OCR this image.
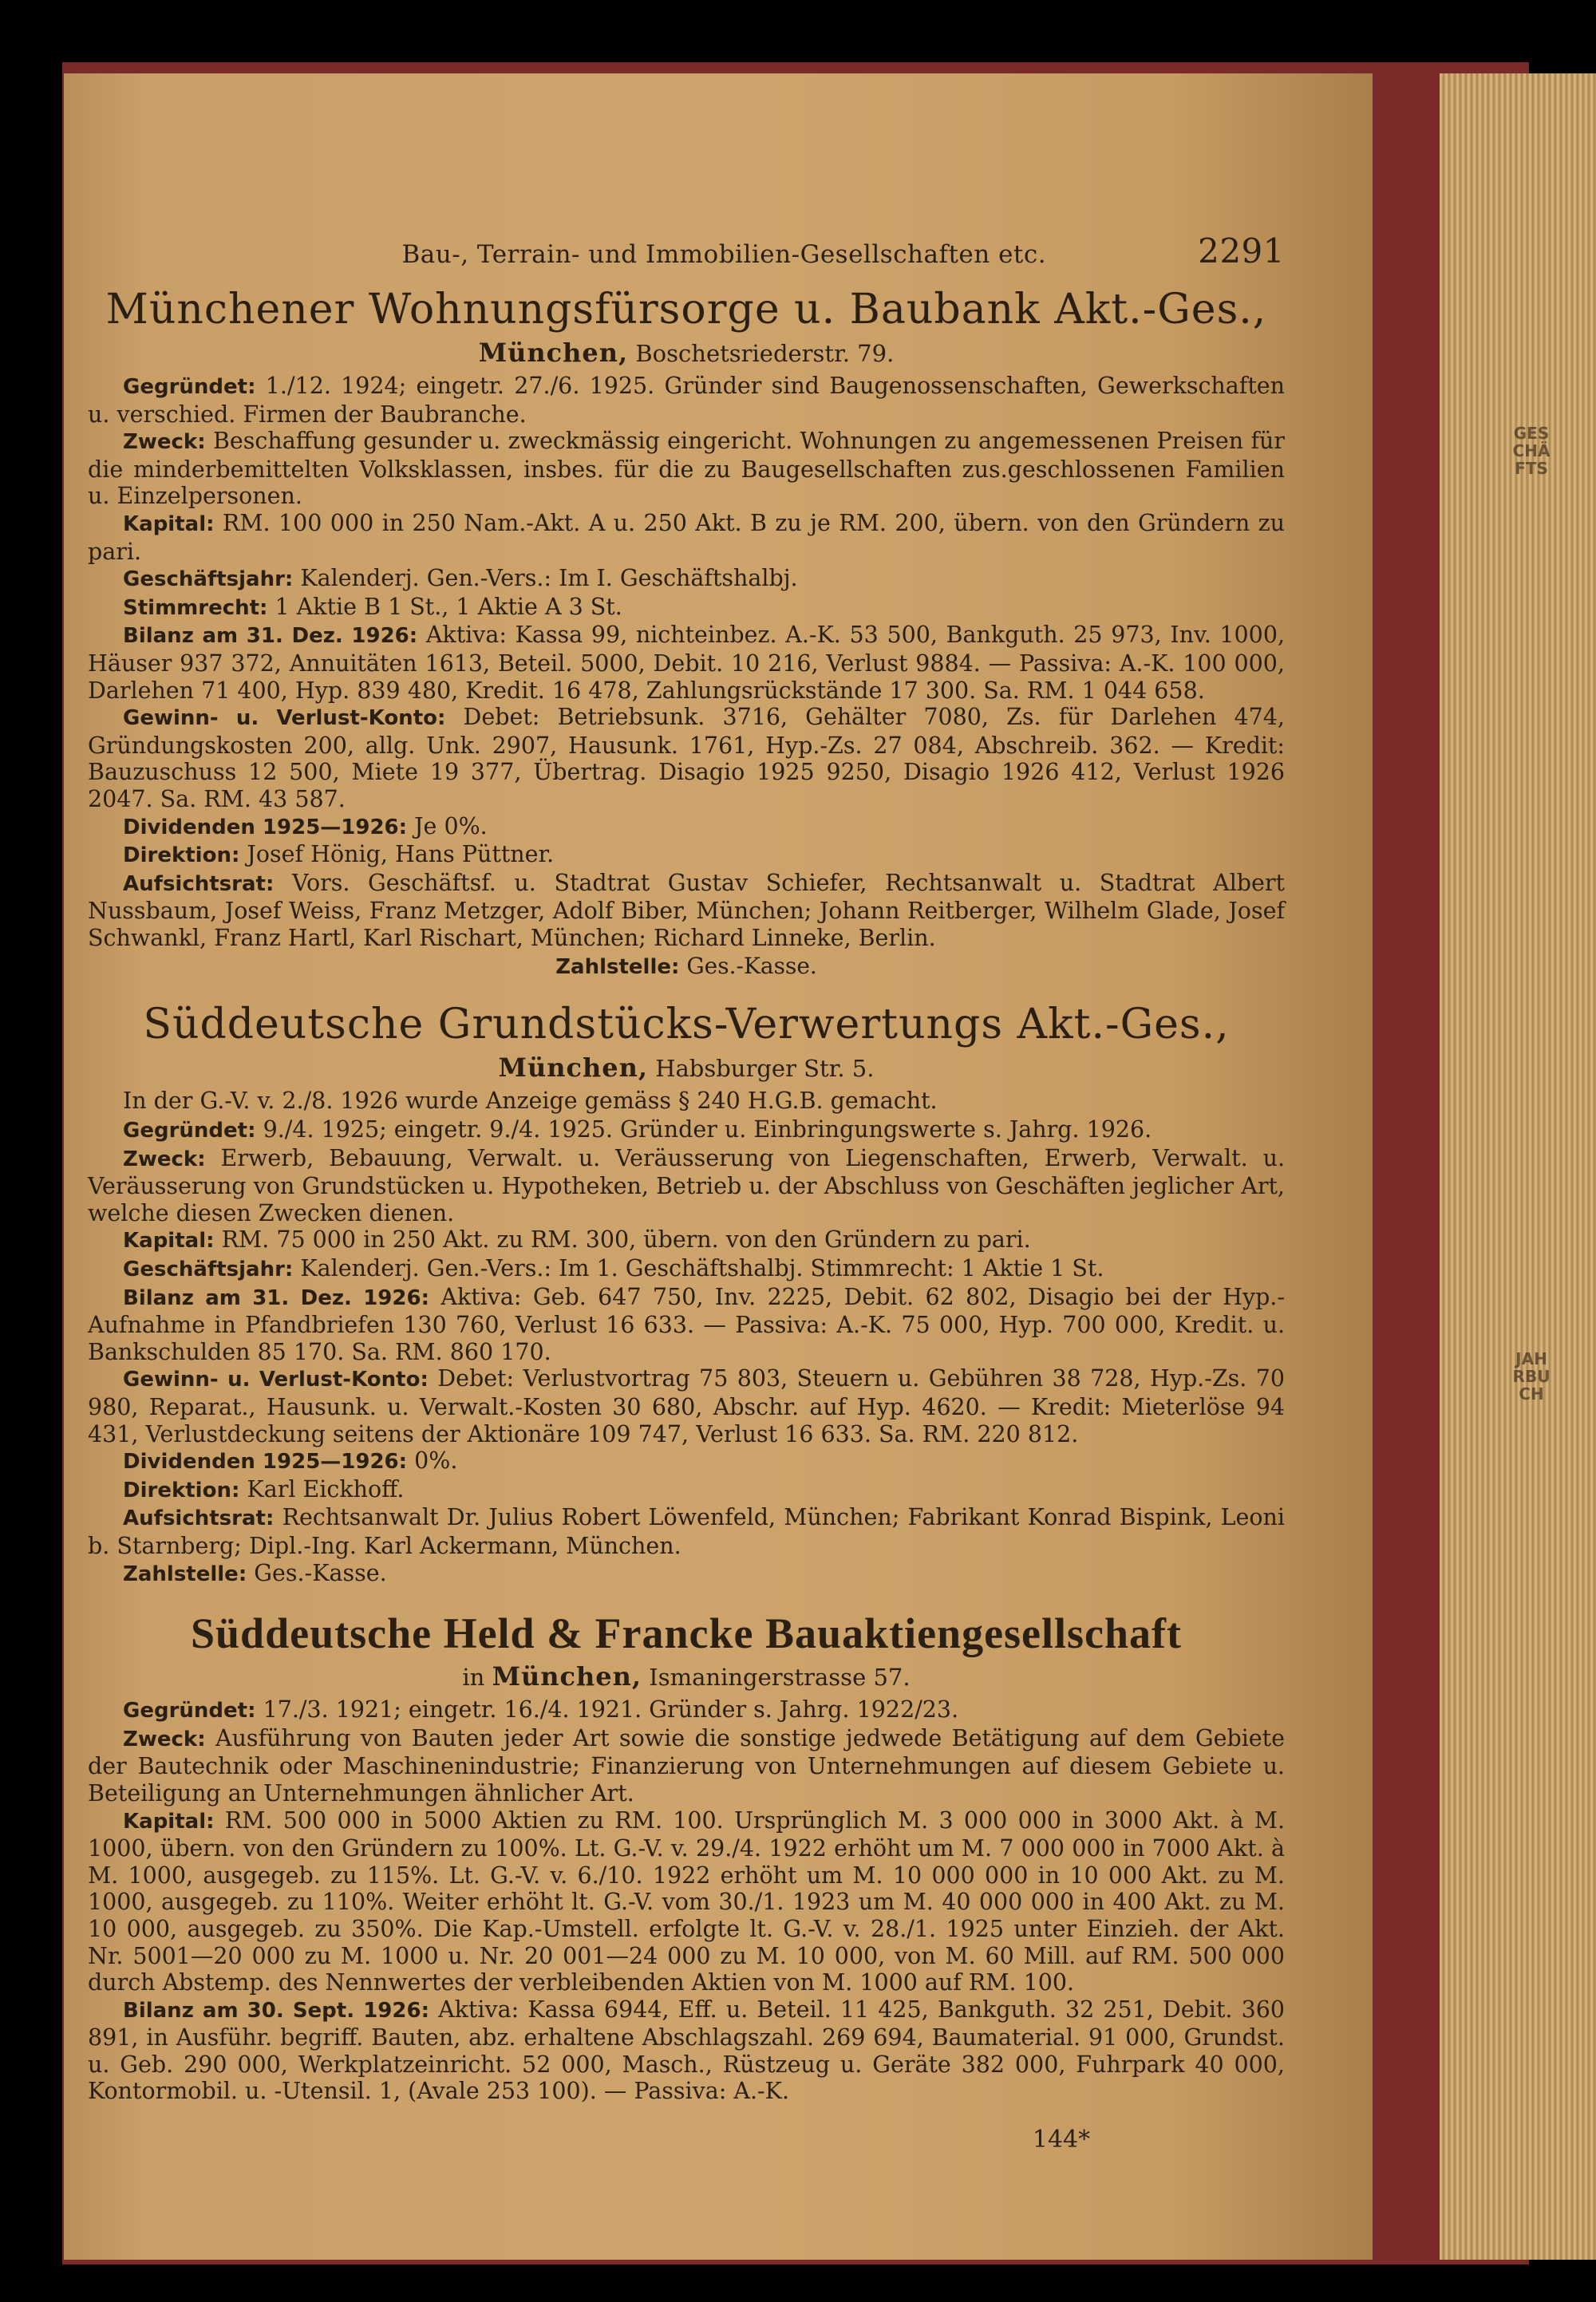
GESCHÄFTS
JAHRBUCH
Bau-, Terrain- und Immobilien-Gesellschaften etc.	2291
Münchener Wohnungsfürsorge u. Baubank Akt.-Ges.,
München, Boschetsriederstr. 79.

Gegründet: 1./12. 1924; eingetr. 27./6. 1925. Gründer sind Baugenossenschaften, Gewerkschaften u. verschied. Firmen der Baubranche.

Zweck: Beschaffung gesunder u. zweckmässig eingericht. Wohnungen zu angemessenen Preisen für die minderbemittelten Volksklassen, insbes. für die zu Baugesellschaften zus.geschlossenen Familien u. Einzelpersonen.

Kapital: RM. 100 000 in 250 Nam.-Akt. A u. 250 Akt. B zu je RM. 200, übern. von den Gründern zu pari.

Geschäftsjahr: Kalenderj. Gen.-Vers.: Im I. Geschäftshalbj.

Stimmrecht: 1 Aktie B 1 St., 1 Aktie A 3 St.

Bilanz am 31. Dez. 1926: Aktiva: Kassa 99, nichteinbez. A.-K. 53 500, Bankguth. 25 973, Inv. 1000, Häuser 937 372, Annuitäten 1613, Beteil. 5000, Debit. 10 216, Verlust 9884. — Passiva: A.-K. 100 000, Darlehen 71 400, Hyp. 839 480, Kredit. 16 478, Zahlungsrückstände 17 300. Sa. RM. 1 044 658.

Gewinn- u. Verlust-Konto: Debet: Betriebsunk. 3716, Gehälter 7080, Zs. für Darlehen 474, Gründungskosten 200, allg. Unk. 2907, Hausunk. 1761, Hyp.-Zs. 27 084, Abschreib. 362. — Kredit: Bauzuschuss 12 500, Miete 19 377, Übertrag. Disagio 1925 9250, Disagio 1926 412, Verlust 1926 2047. Sa. RM. 43 587.

Dividenden 1925—1926: Je 0%.

Direktion: Josef Hönig, Hans Püttner.

Aufsichtsrat: Vors. Geschäftsf. u. Stadtrat Gustav Schiefer, Rechtsanwalt u. Stadtrat Albert Nussbaum, Josef Weiss, Franz Metzger, Adolf Biber, München; Johann Reitberger, Wilhelm Glade, Josef Schwankl, Franz Hartl, Karl Rischart, München; Richard Linneke, Berlin.

Zahlstelle: Ges.-Kasse.
Süddeutsche Grundstücks-Verwertungs Akt.-Ges.,
München, Habsburger Str. 5.

In der G.-V. v. 2./8. 1926 wurde Anzeige gemäss § 240 H.G.B. gemacht.

Gegründet: 9./4. 1925; eingetr. 9./4. 1925. Gründer u. Einbringungswerte s. Jahrg. 1926.

Zweck: Erwerb, Bebauung, Verwalt. u. Veräusserung von Liegenschaften, Erwerb, Verwalt. u. Veräusserung von Grundstücken u. Hypotheken, Betrieb u. der Abschluss von Geschäften jeglicher Art, welche diesen Zwecken dienen.

Kapital: RM. 75 000 in 250 Akt. zu RM. 300, übern. von den Gründern zu pari.

Geschäftsjahr: Kalenderj. Gen.-Vers.: Im 1. Geschäftshalbj. Stimmrecht: 1 Aktie 1 St.

Bilanz am 31. Dez. 1926: Aktiva: Geb. 647 750, Inv. 2225, Debit. 62 802, Disagio bei der Hyp.-Aufnahme in Pfandbriefen 130 760, Verlust 16 633. — Passiva: A.-K. 75 000, Hyp. 700 000, Kredit. u. Bankschulden 85 170. Sa. RM. 860 170.

Gewinn- u. Verlust-Konto: Debet: Verlustvortrag 75 803, Steuern u. Gebühren 38 728, Hyp.-Zs. 70 980, Reparat., Hausunk. u. Verwalt.-Kosten 30 680, Abschr. auf Hyp. 4620. — Kredit: Mieterlöse 94 431, Verlustdeckung seitens der Aktionäre 109 747, Verlust 16 633. Sa. RM. 220 812.

Dividenden 1925—1926: 0%.

Direktion: Karl Eickhoff.

Aufsichtsrat: Rechtsanwalt Dr. Julius Robert Löwenfeld, München; Fabrikant Konrad Bispink, Leoni b. Starnberg; Dipl.-Ing. Karl Ackermann, München.

Zahlstelle: Ges.-Kasse.

Süddeutsche Held & Francke Bauaktiengesellschaft
in München, Ismaningerstrasse 57.

Gegründet: 17./3. 1921; eingetr. 16./4. 1921. Gründer s. Jahrg. 1922/23.

Zweck: Ausführung von Bauten jeder Art sowie die sonstige jedwede Betätigung auf dem Gebiete der Bautechnik oder Maschinenindustrie; Finanzierung von Unternehmungen auf diesem Gebiete u. Beteiligung an Unternehmungen ähnlicher Art.

Kapital: RM. 500 000 in 5000 Aktien zu RM. 100. Ursprünglich M. 3 000 000 in 3000 Akt. à M. 1000, übern. von den Gründern zu 100%. Lt. G.-V. v. 29./4. 1922 erhöht um M. 7 000 000 in 7000 Akt. à M. 1000, ausgegeb. zu 115%. Lt. G.-V. v. 6./10. 1922 erhöht um M. 10 000 000 in 10 000 Akt. zu M. 1000, ausgegeb. zu 110%. Weiter erhöht lt. G.-V. vom 30./1. 1923 um M. 40 000 000 in 400 Akt. zu M. 10 000, ausgegeb. zu 350%. Die Kap.-Umstell. erfolgte lt. G.-V. v. 28./1. 1925 unter Einzieh. der Akt. Nr. 5001—20 000 zu M. 1000 u. Nr. 20 001—24 000 zu M. 10 000, von M. 60 Mill. auf RM. 500 000 durch Abstemp. des Nennwertes der verbleibenden Aktien von M. 1000 auf RM. 100.

Bilanz am 30. Sept. 1926: Aktiva: Kassa 6944, Eff. u. Beteil. 11 425, Bankguth. 32 251, Debit. 360 891, in Ausführ. begriff. Bauten, abz. erhaltene Abschlagszahl. 269 694, Baumaterial. 91 000, Grundst. u. Geb. 290 000, Werkplatzeinricht. 52 000, Masch., Rüstzeug u. Geräte 382 000, Fuhrpark 40 000, Kontormobil. u. -Utensil. 1, (Avale 253 100). — Passiva: A.-K.

144*
